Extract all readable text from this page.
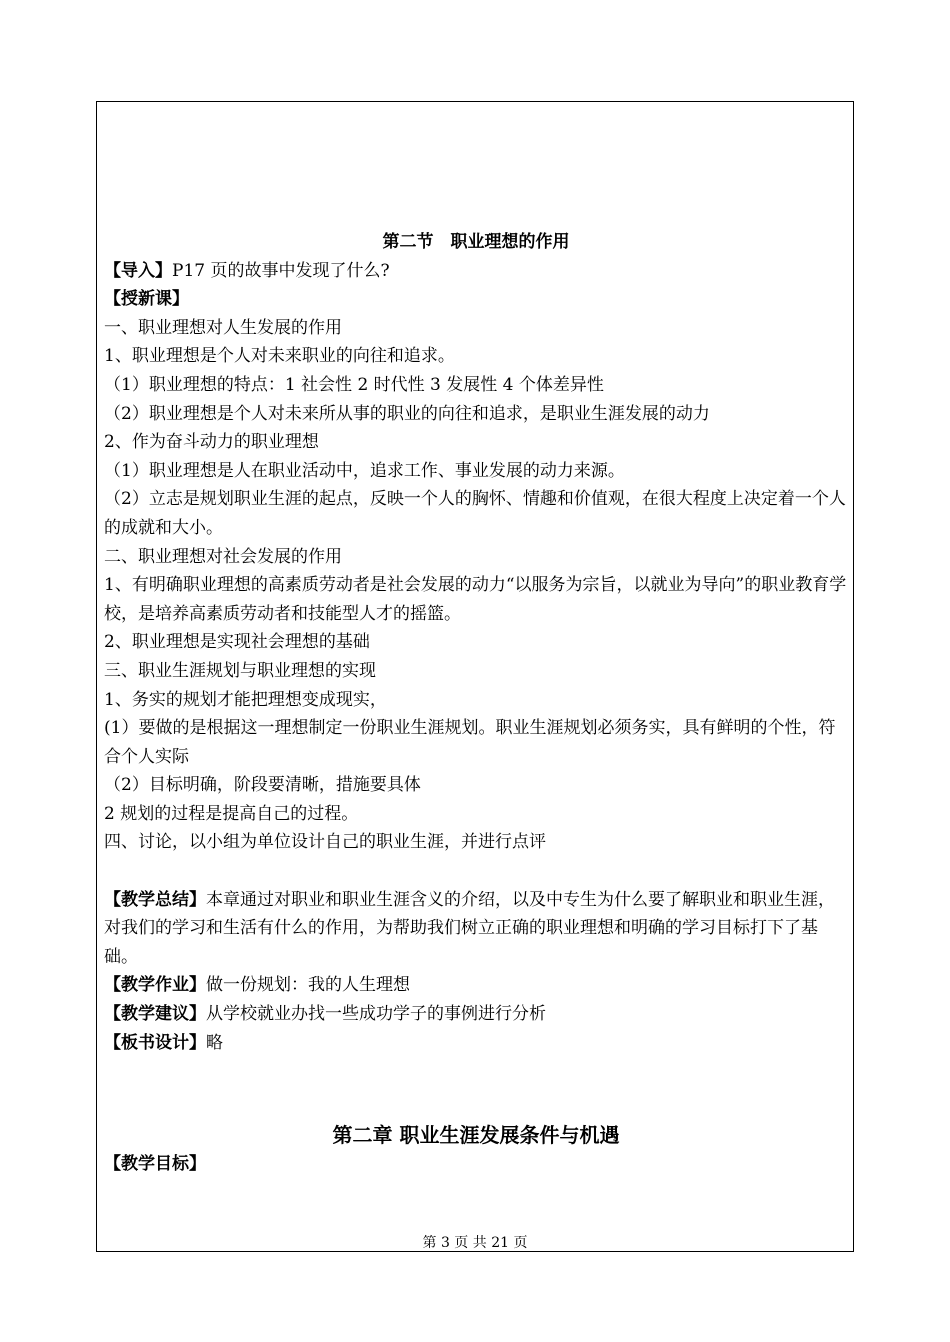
第二节　职业理想的作用

【导入】P17 页的故事中发现了什么?

【授新课】

一、职业理想对人生发展的作用

1、职业理想是个人对未来职业的向往和追求。

（1）职业理想的特点：1 社会性 2 时代性 3 发展性 4 个体差异性

（2）职业理想是个人对未来所从事的职业的向往和追求，是职业生涯发展的动力

2、作为奋斗动力的职业理想

（1）职业理想是人在职业活动中，追求工作、事业发展的动力来源。

（2）立志是规划职业生涯的起点，反映一个人的胸怀、情趣和价值观，在很大程度上决定着一个人的成就和大小。

二、职业理想对社会发展的作用

1、有明确职业理想的高素质劳动者是社会发展的动力“以服务为宗旨，以就业为导向”的职业教育学校，是培养高素质劳动者和技能型人才的摇篮。

2、职业理想是实现社会理想的基础

三、职业生涯规划与职业理想的实现

1、务实的规划才能把理想变成现实，

(1）要做的是根据这一理想制定一份职业生涯规划。职业生涯规划必须务实，具有鲜明的个性，符合个人实际

（2）目标明确，阶段要清晰，措施要具体

2 规划的过程是提高自己的过程。

四、讨论，以小组为单位设计自己的职业生涯，并进行点评

【教学总结】本章通过对职业和职业生涯含义的介绍，以及中专生为什么要了解职业和职业生涯，对我们的学习和生活有什么的作用，为帮助我们树立正确的职业理想和明确的学习目标打下了基础。

【教学作业】做一份规划：我的人生理想

【教学建议】从学校就业办找一些成功学子的事例进行分析

【板书设计】略

第二章 职业生涯发展条件与机遇

【教学目标】

第 3 页 共 21 页
